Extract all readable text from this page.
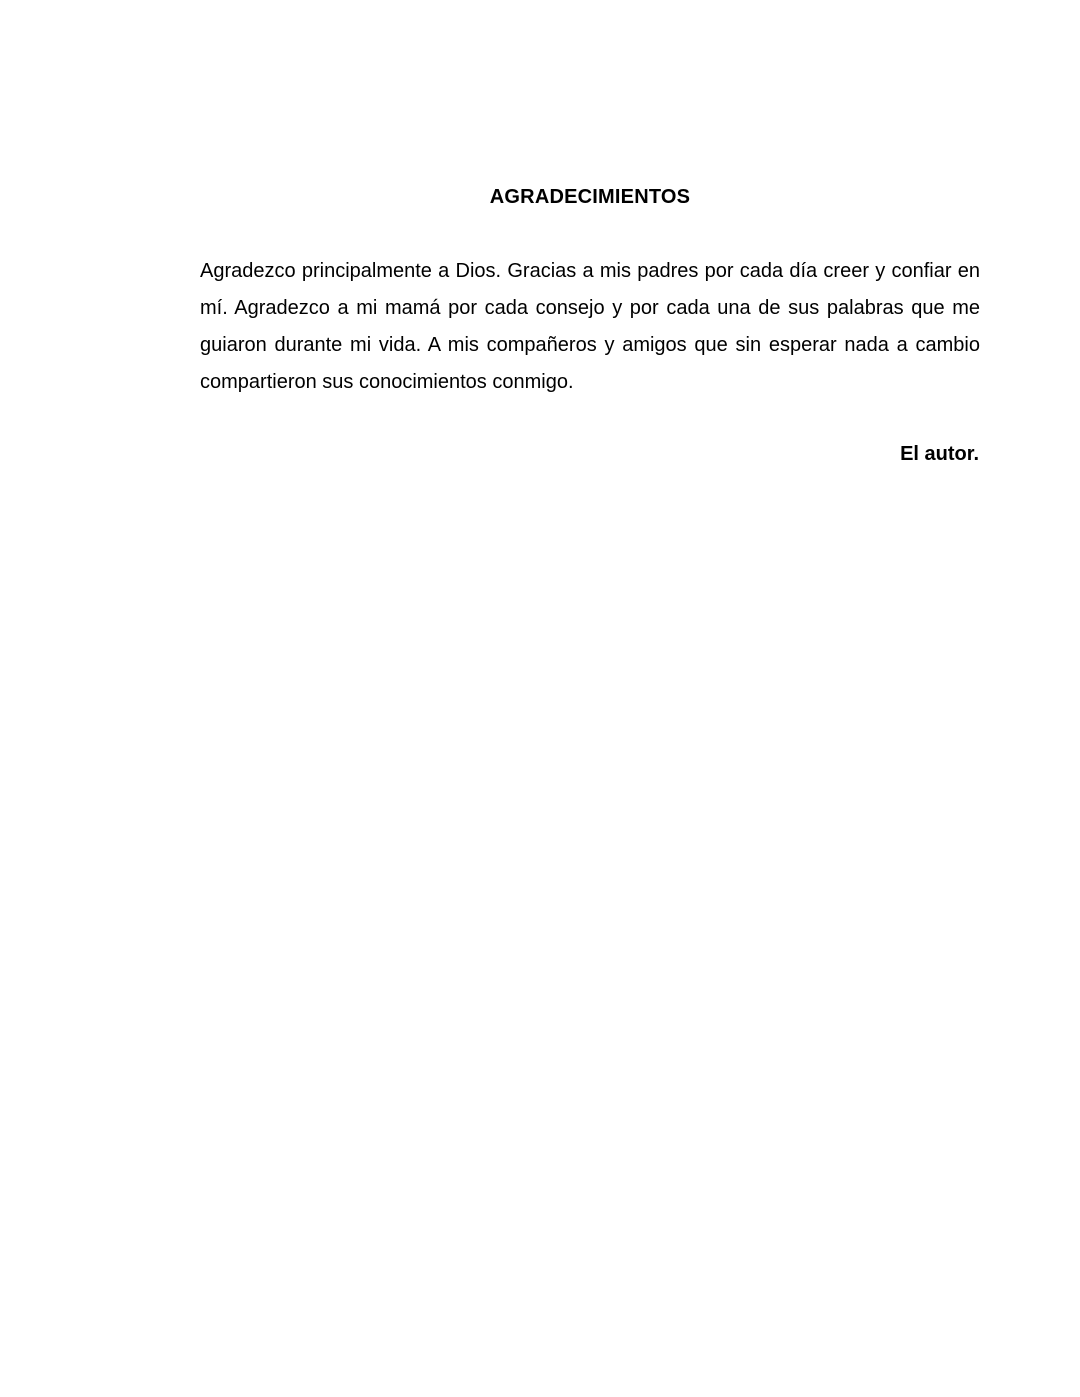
AGRADECIMIENTOS

Agradezco principalmente a Dios. Gracias a mis padres por cada día creer y confiar en mí. Agradezco a mi mamá por cada consejo y por cada una de sus palabras que me guiaron durante mi vida. A mis compañeros y amigos que sin esperar nada a cambio compartieron sus conocimientos conmigo.

El autor.
